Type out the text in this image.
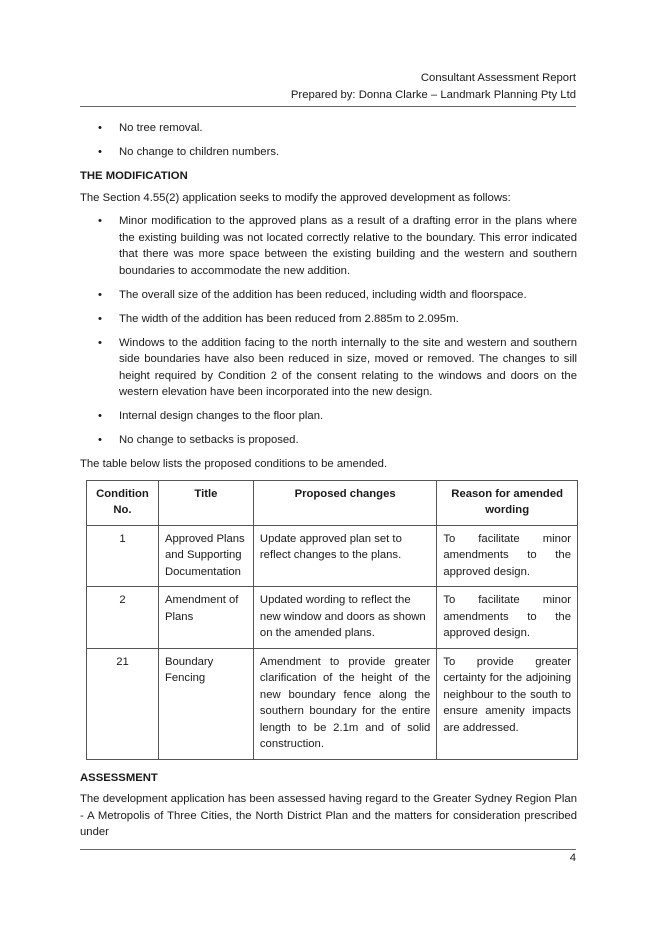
Consultant Assessment Report
Prepared by: Donna Clarke – Landmark Planning Pty Ltd
• No tree removal.
• No change to children numbers.
THE MODIFICATION

The Section 4.55(2) application seeks to modify the approved development as follows:

• Minor modification to the approved plans as a result of a drafting error in the plans where the existing building was not located correctly relative to the boundary. This error indicated that there was more space between the existing building and the western and southern boundaries to accommodate the new addition.
• The overall size of the addition has been reduced, including width and floorspace.
• The width of the addition has been reduced from 2.885m to 2.095m.
• Windows to the addition facing to the north internally to the site and western and southern side boundaries have also been reduced in size, moved or removed. The changes to sill height required by Condition 2 of the consent relating to the windows and doors on the western elevation have been incorporated into the new design.
• Internal design changes to the floor plan.
• No change to setbacks is proposed.

The table below lists the proposed conditions to be amended.

Condition No.	Title	Proposed changes	Reason for amended wording
1	Approved Plans and Supporting Documentation	Update approved plan set to reflect changes to the plans.	To facilitate minor amendments to the approved design.
2	Amendment of Plans	Updated wording to reflect the new window and doors as shown on the amended plans.	To facilitate minor amendments to the approved design.
21	Boundary Fencing	Amendment to provide greater clarification of the height of the new boundary fence along the southern boundary for the entire length to be 2.1m and of solid construction.	To provide greater certainty for the adjoining neighbour to the south to ensure amenity impacts are addressed.
ASSESSMENT

The development application has been assessed having regard to the Greater Sydney Region Plan - A Metropolis of Three Cities, the North District Plan and the matters for consideration prescribed under

4
